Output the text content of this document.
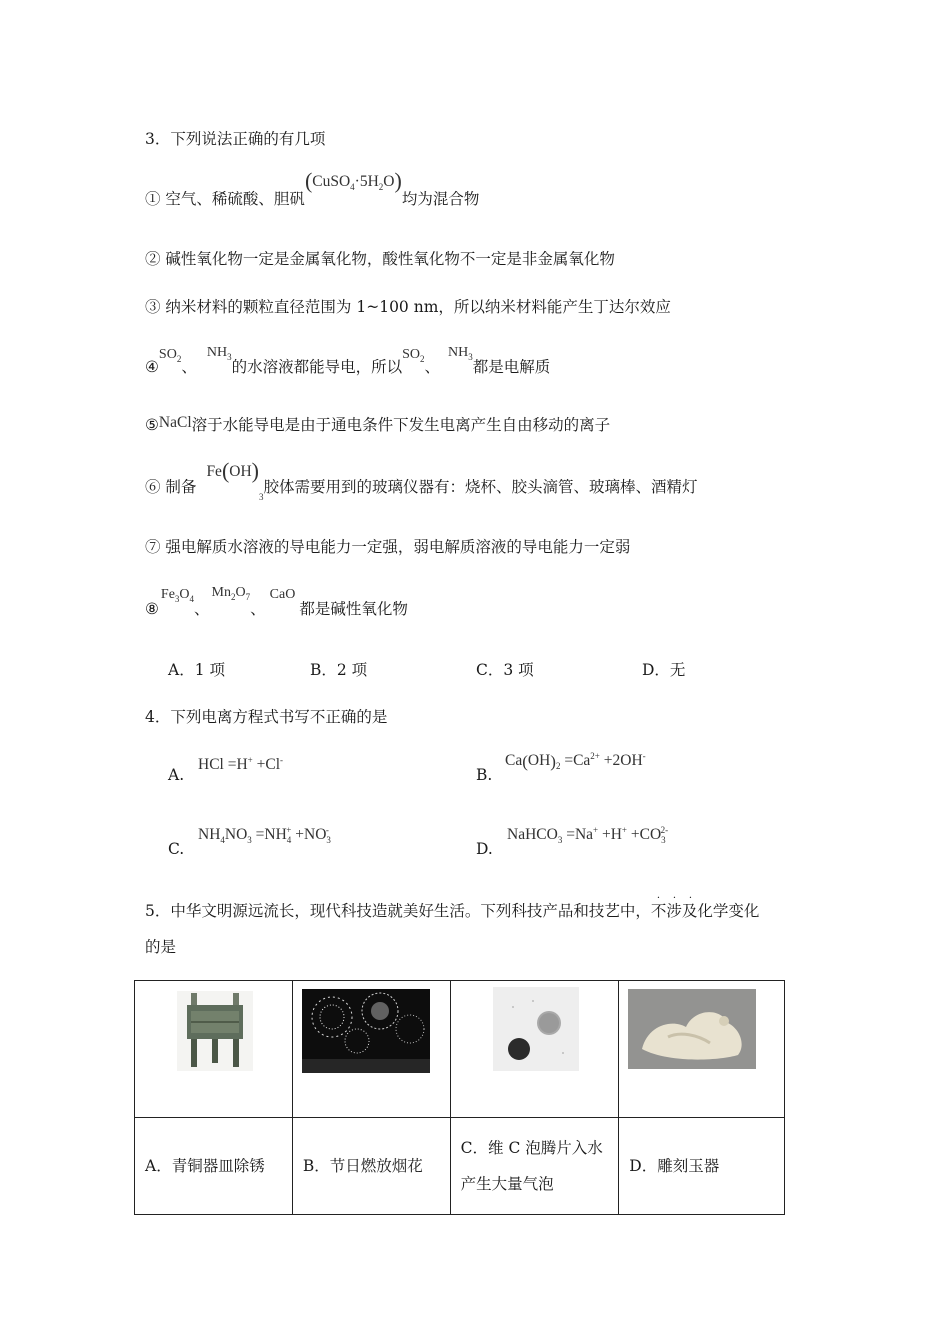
3．下列说法正确的有几项
① 空气、稀硫酸、胆矾$(CuSO_4\cdot 5H_2O)$均为混合物
② 碱性氧化物一定是金属氧化物，酸性氧化物不一定是非金属氧化物
③ 纳米材料的颗粒直径范围为 1~100 nm，所以纳米材料能产生丁达尔效应
$④SO_2$、$NH_3$的水溶液都能导电，所以$SO_2$、$NH_3$都是电解质
⑤NaCl溶于水能导电是由于通电条件下发生电离产生自由移动的离子
⑥ 制备$Fe(OH)_3$胶体需要用到的玻璃仪器有：烧杯、胶头滴管、玻璃棒、酒精灯
⑦ 强电解质水溶液的导电能力一定强，弱电解质溶液的导电能力一定弱
$⑧Fe_3O_4$、$Mn_2O_7$、CaO都是碱性氧化物
A．1 项	B．2 项	C．3 项	D．无
4．下列电离方程式书写不正确的是
A.
HCl =H+ +Cl-
B.
$Ca(OH)_2 =Ca^{2+} +2OH^-$
C.
$NH_4NO_3 =NH_4^+ +NO_3^-$
D.
NaHCO$_3$ $=Na^+ +H^+ +CO_3^{2-}$
5．中华文明源远流长，现代科技造就美好生活。下列科技产品和技艺中，
· · ·
不涉及化学变化
的是

A．青铜器皿除锈	B．节日燃放烟花	C．维 C 泡腾片入水
产生大量气泡	D．雕刻玉器
